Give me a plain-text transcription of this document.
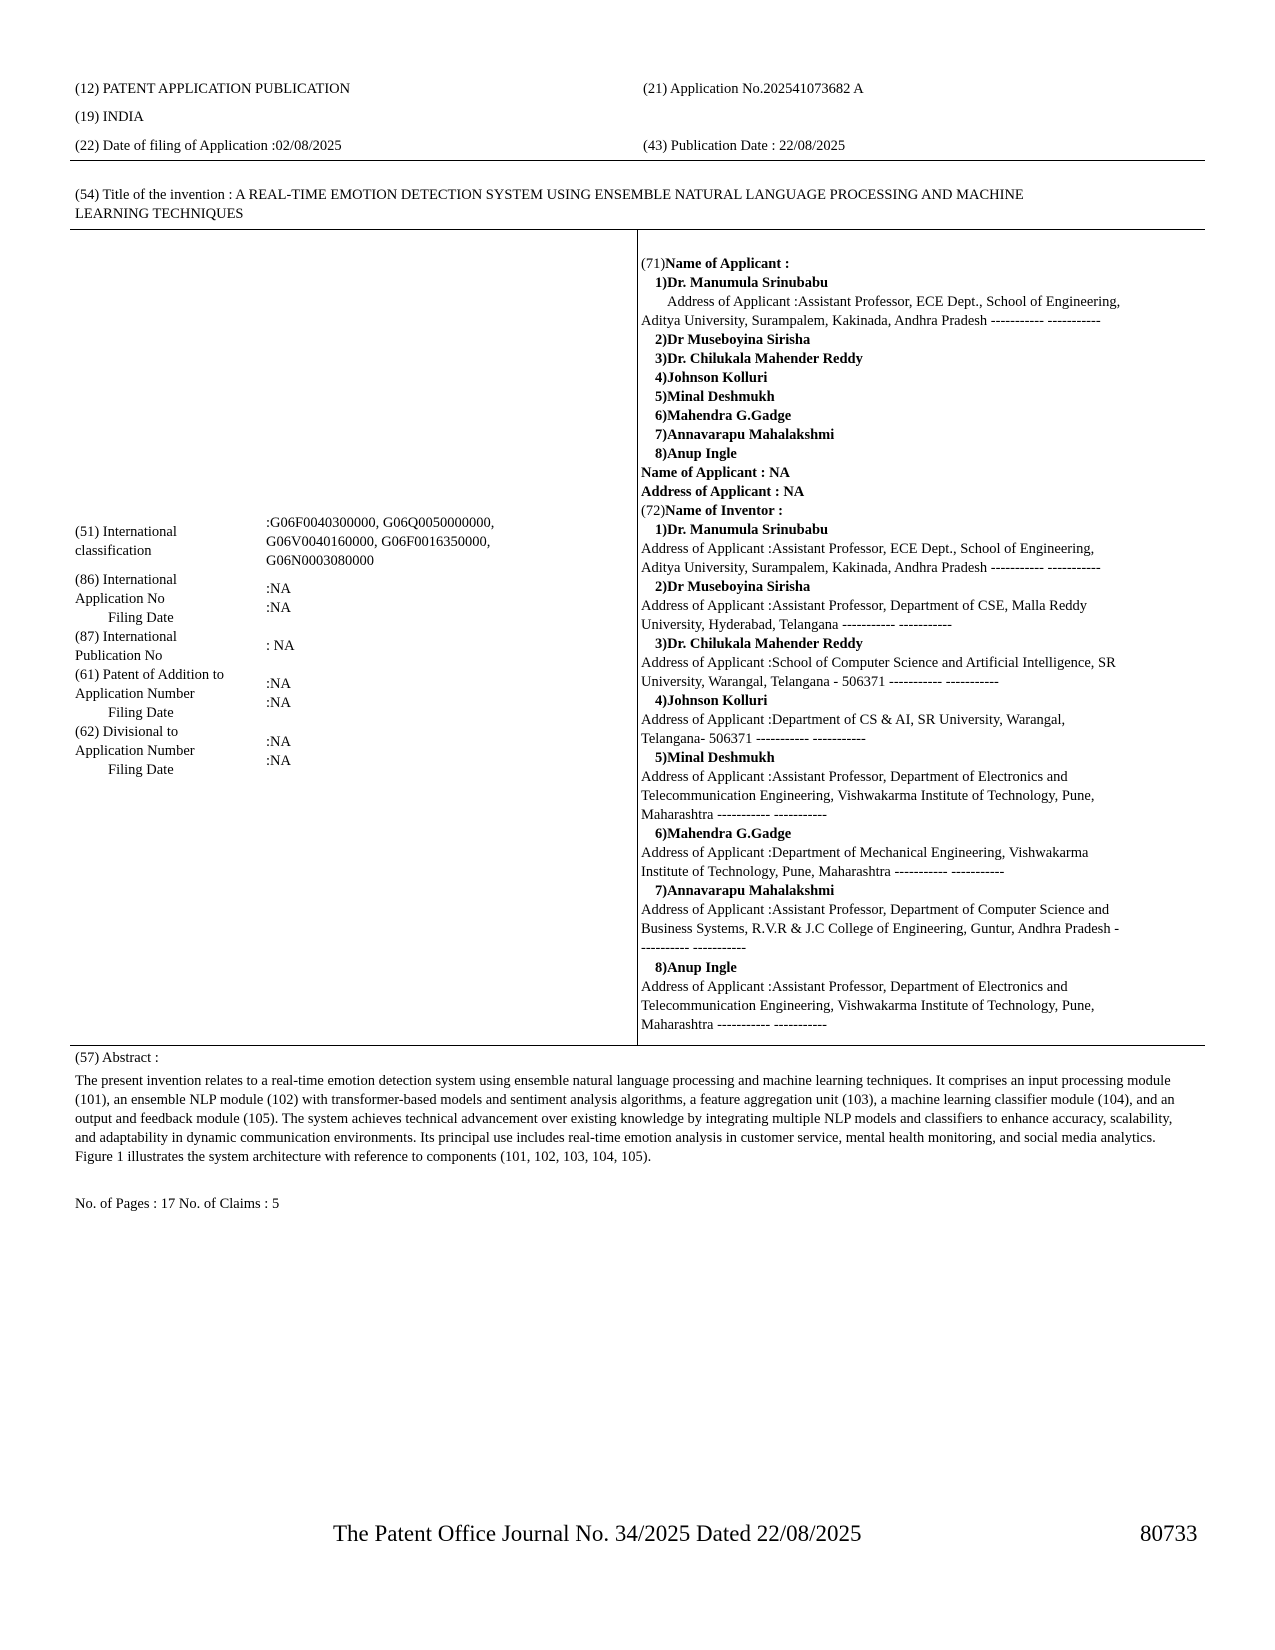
(12) PATENT APPLICATION PUBLICATION
(19) INDIA
(22) Date of filing of Application :02/08/2025
(21) Application No.202541073682 A
(43) Publication Date : 22/08/2025
(54) Title of the invention : A REAL-TIME EMOTION DETECTION SYSTEM USING ENSEMBLE NATURAL LANGUAGE PROCESSING AND MACHINE
LEARNING TECHNIQUES
(51) International
classification
:G06F0040300000, G06Q0050000000,
G06V0040160000, G06F0016350000,
G06N0003080000
(86) International
Application No
Filing Date
:NA
:NA
(87) International
Publication No
: NA
(61) Patent of Addition to
Application Number
Filing Date
:NA
:NA
(62) Divisional to
Application Number
Filing Date
:NA
:NA
(71)Name of Applicant :
1)Dr. Manumula Srinubabu
Address of Applicant :Assistant Professor, ECE Dept., School of Engineering,
Aditya University, Surampalem, Kakinada, Andhra Pradesh ----------- -----------
2)Dr Museboyina Sirisha
3)Dr. Chilukala Mahender Reddy
4)Johnson Kolluri
5)Minal Deshmukh
6)Mahendra G.Gadge
7)Annavarapu Mahalakshmi
8)Anup Ingle
Name of Applicant : NA
Address of Applicant : NA
(72)Name of Inventor :
1)Dr. Manumula Srinubabu
Address of Applicant :Assistant Professor, ECE Dept., School of Engineering,
Aditya University, Surampalem, Kakinada, Andhra Pradesh ----------- -----------
2)Dr Museboyina Sirisha
Address of Applicant :Assistant Professor, Department of CSE, Malla Reddy
University, Hyderabad, Telangana ----------- -----------
3)Dr. Chilukala Mahender Reddy
Address of Applicant :School of Computer Science and Artificial Intelligence, SR
University, Warangal, Telangana - 506371 ----------- -----------
4)Johnson Kolluri
Address of Applicant :Department of CS & AI, SR University, Warangal,
Telangana- 506371 ----------- -----------
5)Minal Deshmukh
Address of Applicant :Assistant Professor, Department of Electronics and
Telecommunication Engineering, Vishwakarma Institute of Technology, Pune,
Maharashtra ----------- -----------
6)Mahendra G.Gadge
Address of Applicant :Department of Mechanical Engineering, Vishwakarma
Institute of Technology, Pune, Maharashtra ----------- -----------
7)Annavarapu Mahalakshmi
Address of Applicant :Assistant Professor, Department of Computer Science and
Business Systems, R.V.R & J.C College of Engineering, Guntur, Andhra Pradesh -
---------- -----------
8)Anup Ingle
Address of Applicant :Assistant Professor, Department of Electronics and
Telecommunication Engineering, Vishwakarma Institute of Technology, Pune,
Maharashtra ----------- -----------
(57) Abstract :
The present invention relates to a real-time emotion detection system using ensemble natural language processing and machine learning techniques. It comprises an input processing module (101), an ensemble NLP module (102) with transformer-based models and sentiment analysis algorithms, a feature aggregation unit (103), a machine learning classifier module (104), and an output and feedback module (105). The system achieves technical advancement over existing knowledge by integrating multiple NLP models and classifiers to enhance accuracy, scalability, and adaptability in dynamic communication environments. Its principal use includes real-time emotion analysis in customer service, mental health monitoring, and social media analytics. Figure 1 illustrates the system architecture with reference to components (101, 102, 103, 104, 105).
No. of Pages : 17 No. of Claims : 5
The Patent Office Journal No. 34/2025 Dated 22/08/2025	80733
